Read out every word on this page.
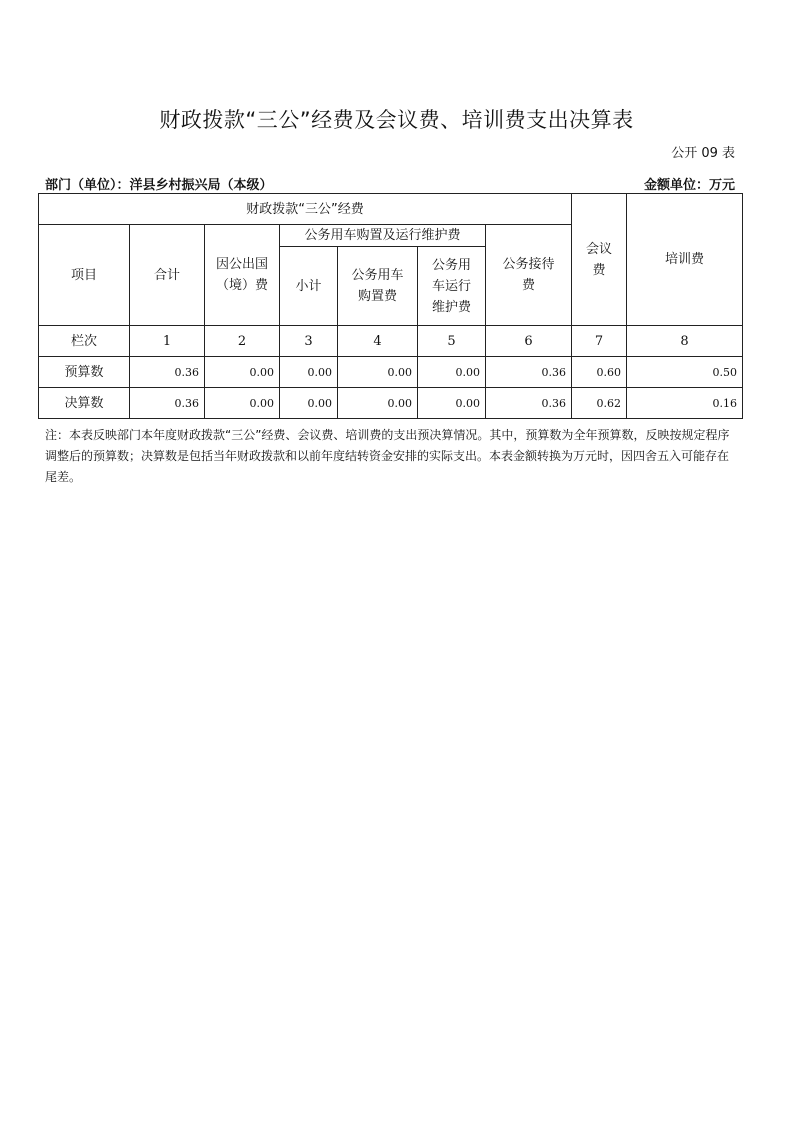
财政拨款“三公”经费及会议费、培训费支出决算表
公开 09 表
部门（单位）：洋县乡村振兴局（本级）	金额单位：万元
财政拨款“三公”经费							会议费	培训费
项目	合计	因公出国（境）费	公务用车购置及运行维护费			公务接待费		
			小计	公务用车购置费	公务用车运行维护费			
栏次	1	2	3	4	5	6	7	8
预算数	0.36	0.00	0.00	0.00	0.00	0.36	0.60	0.50
决算数	0.36	0.00	0.00	0.00	0.00	0.36	0.62	0.16
注：本表反映部门本年度财政拨款“三公”经费、会议费、培训费的支出预决算情况。其中，预算数为全年预算数，反映按规定程序调整后的预算数；决算数是包括当年财政拨款和以前年度结转资金安排的实际支出。本表金额转换为万元时，因四舍五入可能存在尾差。
